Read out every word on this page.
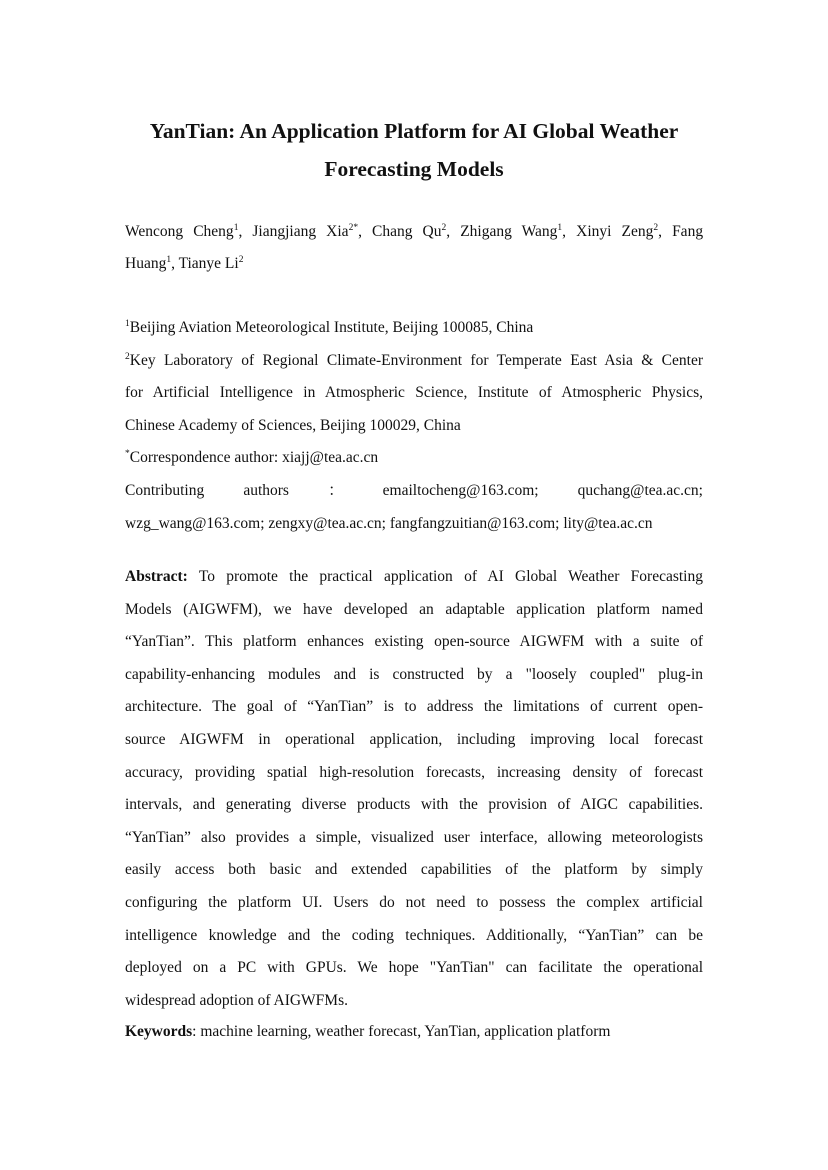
YanTian: An Application Platform for AI Global Weather
Forecasting Models
Wencong Cheng$^1$, Jiangjiang Xia$^{2*}$, Chang Qu$^2$, Zhigang Wang$^1$, Xinyi Zeng$^2$, Fang
Huang$^1$, Tianye Li$^2$
$^1$Beijing Aviation Meteorological Institute, Beijing 100085, China
$^2$Key Laboratory of Regional Climate-Environment for Temperate East Asia & Center
for Artificial Intelligence in Atmospheric Science, Institute of Atmospheric Physics,
Chinese Academy of Sciences, Beijing 100029, China
*Correspondence author: xiajj@tea.ac.cn
Contributing	authors	：	emailtocheng@163.com;	quchang@tea.ac.cn;
wzg_wang@163.com; zengxy@tea.ac.cn; fangfangzuitian@163.com; lity@tea.ac.cn
Abstract: To promote the practical application of AI Global Weather Forecasting
Models (AIGWFM), we have developed an adaptable application platform named
“YanTian”. This platform enhances existing open-source AIGWFM with a suite of
capability-enhancing modules and is constructed by a "loosely coupled" plug-in
architecture. The goal of “YanTian” is to address the limitations of current open-
source AIGWFM in operational application, including improving local forecast
accuracy, providing spatial high-resolution forecasts, increasing density of forecast
intervals, and generating diverse products with the provision of AIGC capabilities.
“YanTian” also provides a simple, visualized user interface, allowing meteorologists
easily access both basic and extended capabilities of the platform by simply
configuring the platform UI. Users do not need to possess the complex artificial
intelligence knowledge and the coding techniques. Additionally, “YanTian” can be
deployed on a PC with GPUs. We hope "YanTian" can facilitate the operational
widespread adoption of AIGWFMs.
Keywords: machine learning, weather forecast, YanTian, application platform
